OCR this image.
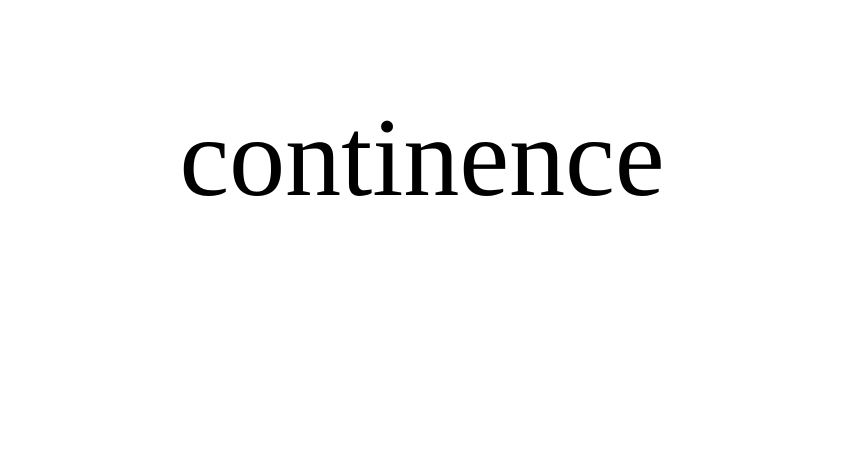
continence
